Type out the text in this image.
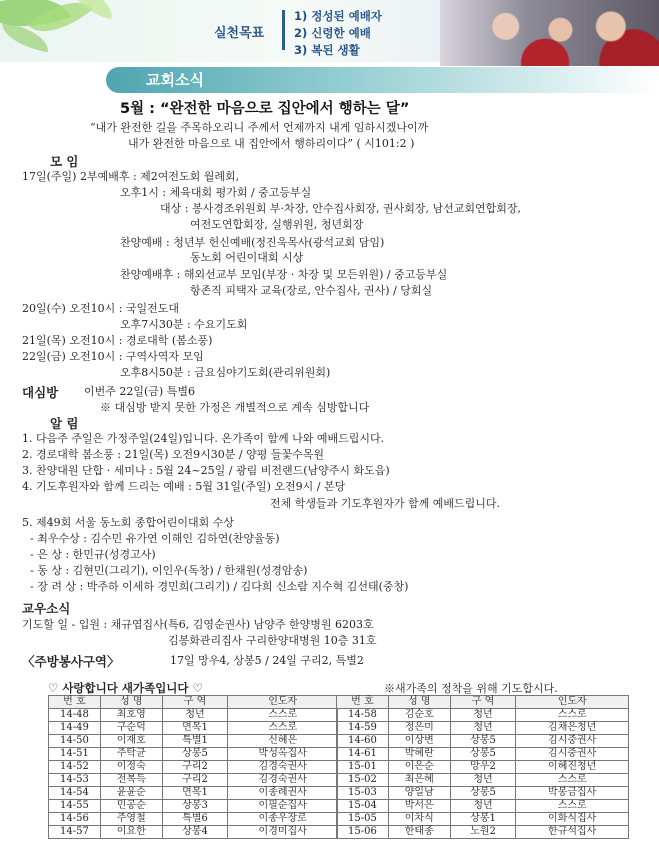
실천목표
1) 정성된 예배자
2) 신령한 예배
3) 복된 생활
교회소식
5월 : “완전한 마음으로 집안에서 행하는 달”
“내가 완전한 길을 주목하오리니 주께서 언제까지 내게 임하시겠나이까
내가 완전한 마음으로 내 집안에서 행하리이다” ( 시101:2 )
모 임
17일(주일) 2부예배후 : 제2여전도회 월례회,
오후1시 : 체육대회 평가회 / 중고등부실
대상 : 봉사경조위원회 부·차장, 안수집사회장, 권사회장, 남선교회연합회장,
여전도연합회장, 실행위원, 청년회장
찬양예배 : 청년부 헌신예배(정진욱목사(광석교회 담임)
동노회 어린이대회 시상
찬양예배후 : 해외선교부 모임(부장 · 차장 및 모든위원) / 중고등부실
항존직 피택자 교육(장로, 안수집사, 권사) / 당회실
20일(수) 오전10시 : 국일전도대
오후7시30분 : 수요기도회
21일(목) 오전10시 : 경로대학 (봄소풍)
22일(금) 오전10시 : 구역사역자 모임
오후8시50분 : 금요심야기도회(관리위원회)
대심방 이번주 22일(금) 특별6
※ 대심방 받지 못한 가정은 개별적으로 계속 심방합니다
알 림
1. 다음주 주일은 가정주일(24일)입니다. 온가족이 함께 나와 예배드립시다.
2. 경로대학 봄소풍 : 21일(목) 오전9시30분 / 양평 들꽃수목원
3. 찬양대원 단합 · 세미나 : 5월 24~25일 / 광림 비전랜드(남양주시 화도읍)
4. 기도후원자와 함께 드리는 예배 : 5월 31일(주일) 오전9시 / 본당
전체 학생들과 기도후원자가 함께 예배드립니다.
5. 제49회 서울 동노회 종합어린이대회 수상
- 최우수상 : 김수민 유가연 이해인 김하연(찬양율동)
- 은 상 : 한민규(성경고사)
- 동 상 : 김현민(그리기), 이인우(독창) / 한채원(성경암송)
- 장 려 상 : 박주하 이세하 경민희(그리기) / 김다희 신소람 지수혁 김선태(중창)
교우소식
기도할 일 - 입원 : 채규엽집사(특6, 김영순권사) 남양주 한양병원 6203호
김봉화관리집사 구리한양대병원 10층 31호
〈주방봉사구역〉	17일 망우4, 상봉5 / 24일 구리2, 특별2
♡ 사랑합니다 새가족입니다 ♡	※새가족의 정착을 위해 기도합시다.
번 호	성 명	구 역	인도자
14-48	최호영	청년	스스로
14-49	구순덕	면목1	스스로
14-50	이재호	특별1	신혜은
14-51	주탁균	상봉5	박성옥집사
14-52	이정숙	구리2	김경숙권사
14-53	전복득	구리2	김경숙권사
14-54	윤윤순	면목1	이종례권사
14-55	민공순	상봉3	이필순집사
14-56	주영철	특별6	이종우장로
14-57	이요한	상봉4	이경미집사
번 호	성 명	구 역	인도자
14-58	김순호	청년	스스로
14-59	정은미	청년	김채은청년
14-60	이상변	상봉5	김시중권사
14-61	박혜란	상봉5	김시중권사
15-01	이은순	망우2	이혜진청년
15-02	최은혜	청년	스스로
15-03	양일남	상봉5	박봉금집사
15-04	박서은	청년	스스로
15-05	이차식	상봉1	이화식집사
15-06	한태종	노원2	한규석집사
